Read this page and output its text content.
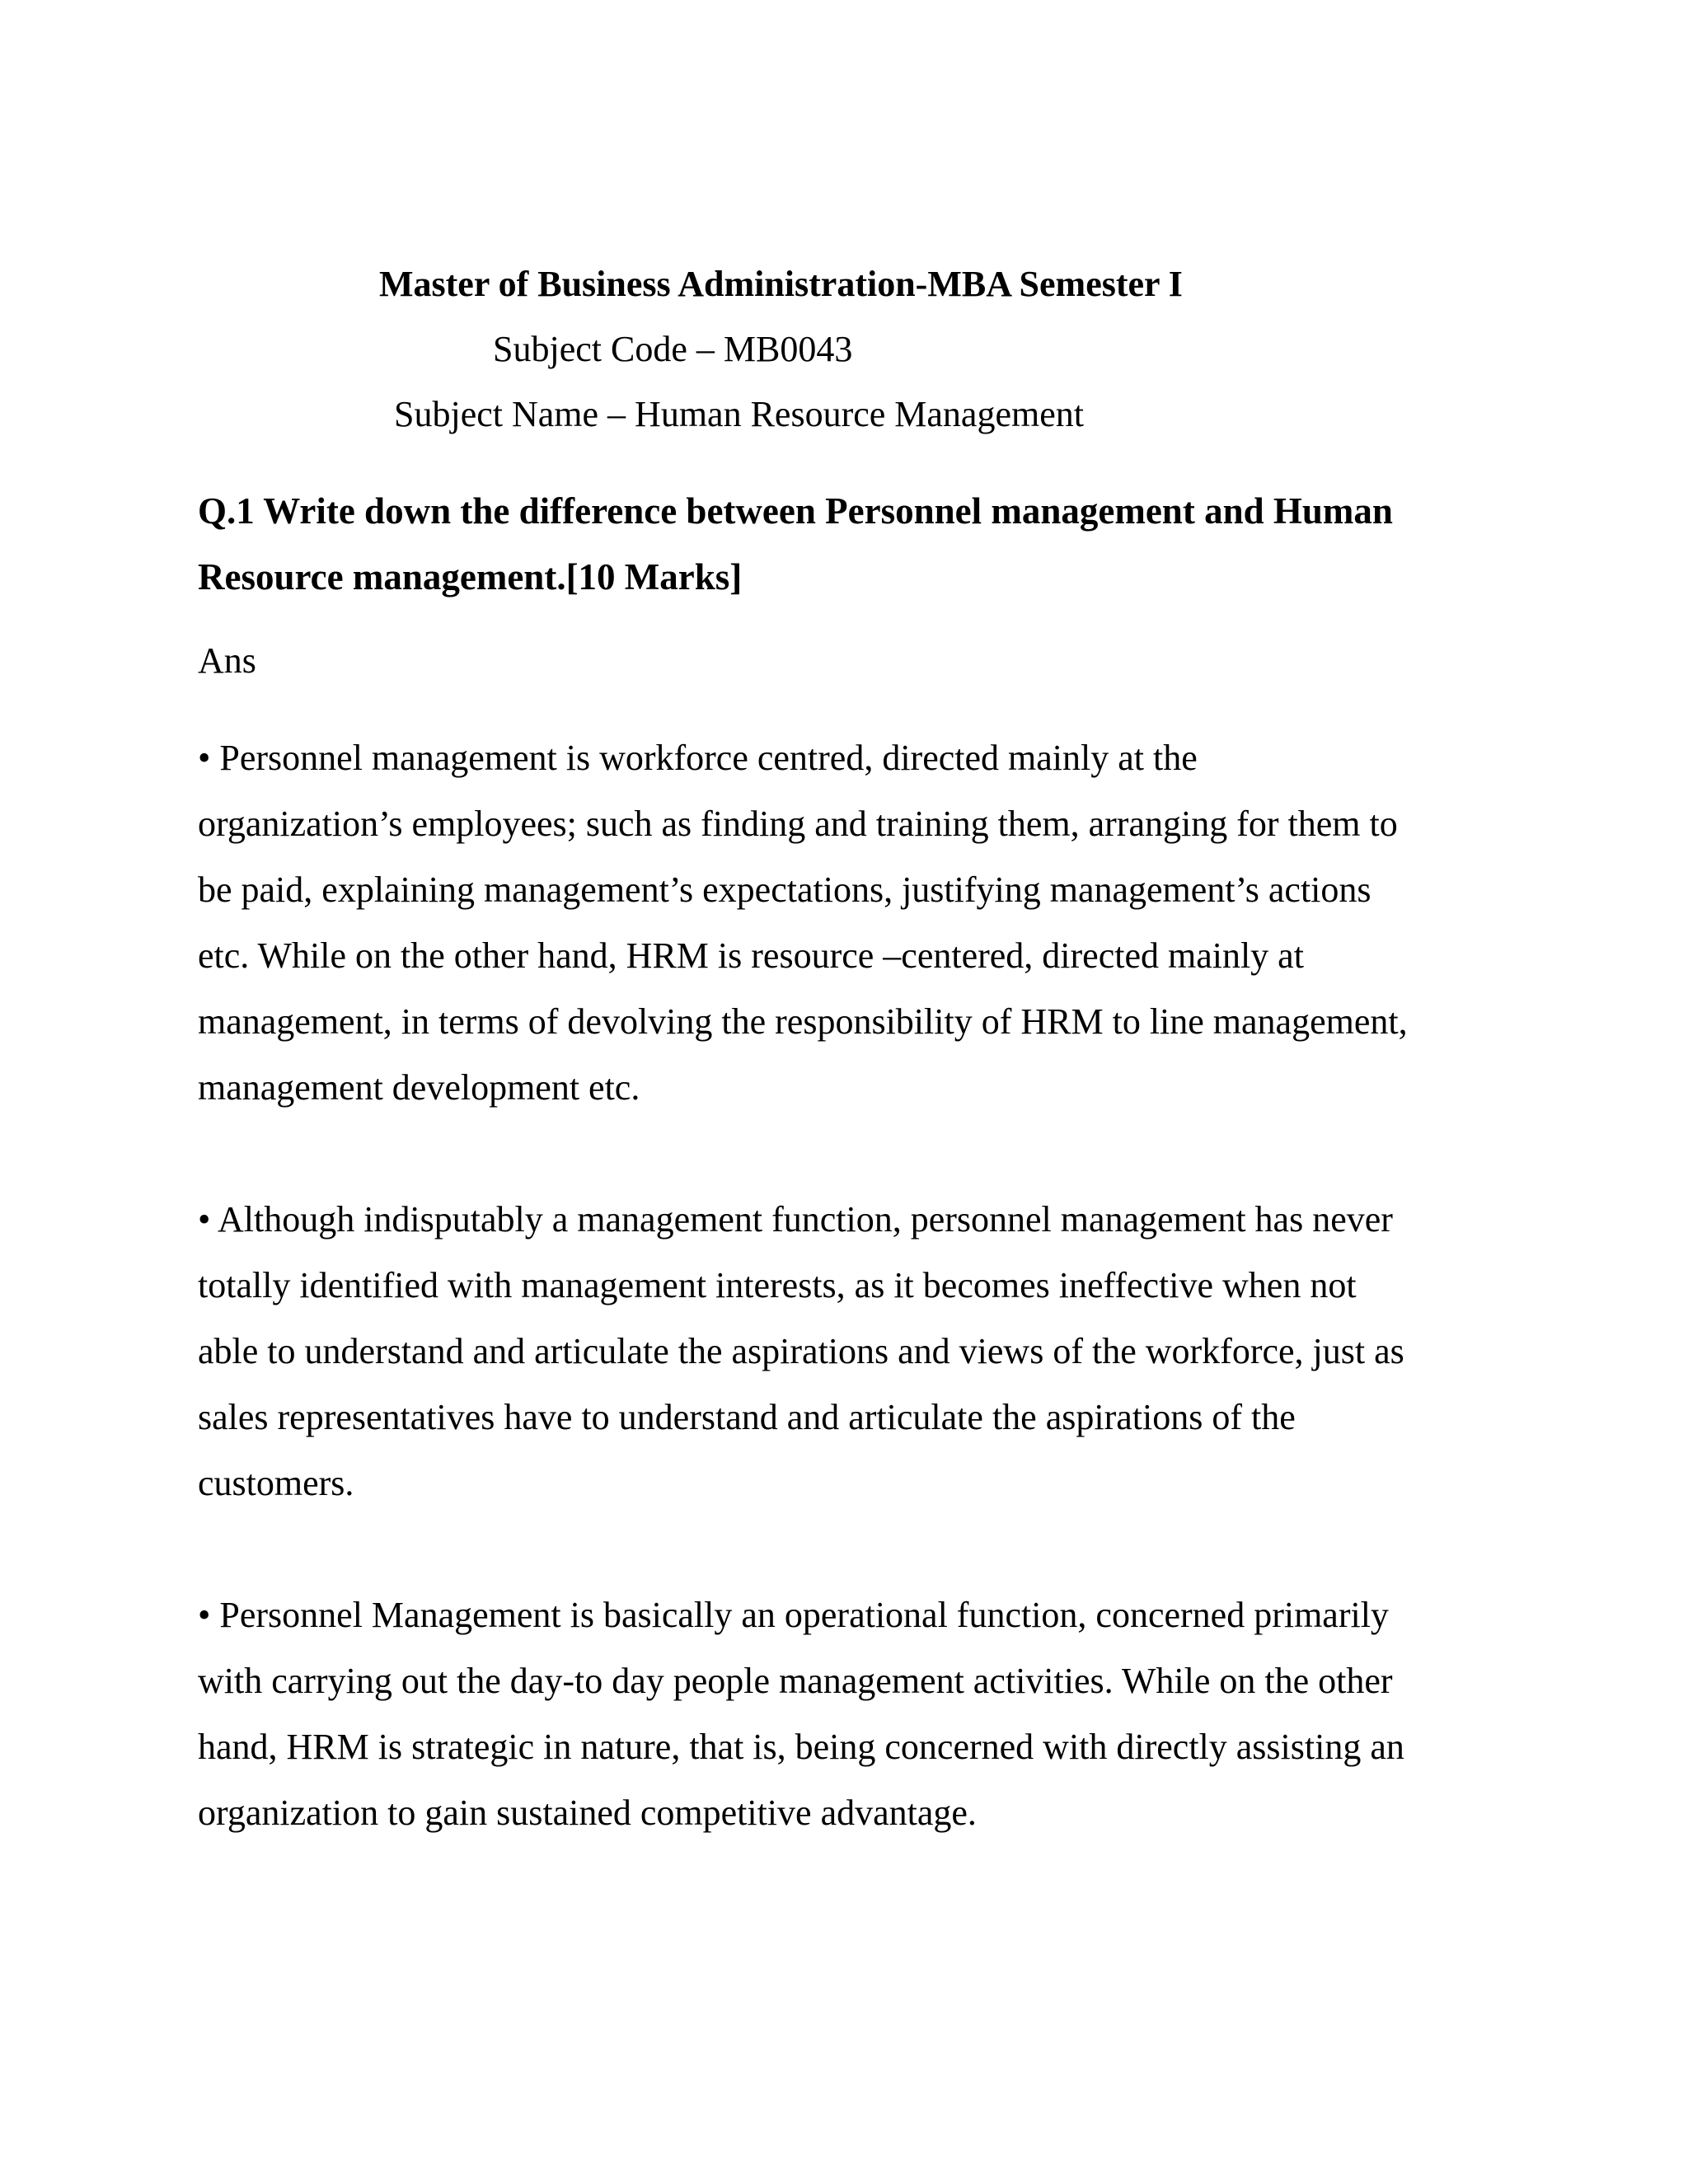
Master of Business Administration-MBA Semester I
Subject Code – MB0043
Subject Name – Human Resource Management

Q.1 Write down the difference between Personnel management and Human
Resource management.[10 Marks]

Ans

• Personnel management is workforce centred, directed mainly at the
organization’s employees; such as finding and training them, arranging for them to
be paid, explaining management’s expectations, justifying management’s actions
etc. While on the other hand, HRM is resource –centered, directed mainly at
management, in terms of devolving the responsibility of HRM to line management,
management development etc.
• Although indisputably a management function, personnel management has never
totally identified with management interests, as it becomes ineffective when not
able to understand and articulate the aspirations and views of the workforce, just as
sales representatives have to understand and articulate the aspirations of the
customers.
• Personnel Management is basically an operational function, concerned primarily
with carrying out the day-to day people management activities. While on the other
hand, HRM is strategic in nature, that is, being concerned with directly assisting an
organization to gain sustained competitive advantage.
